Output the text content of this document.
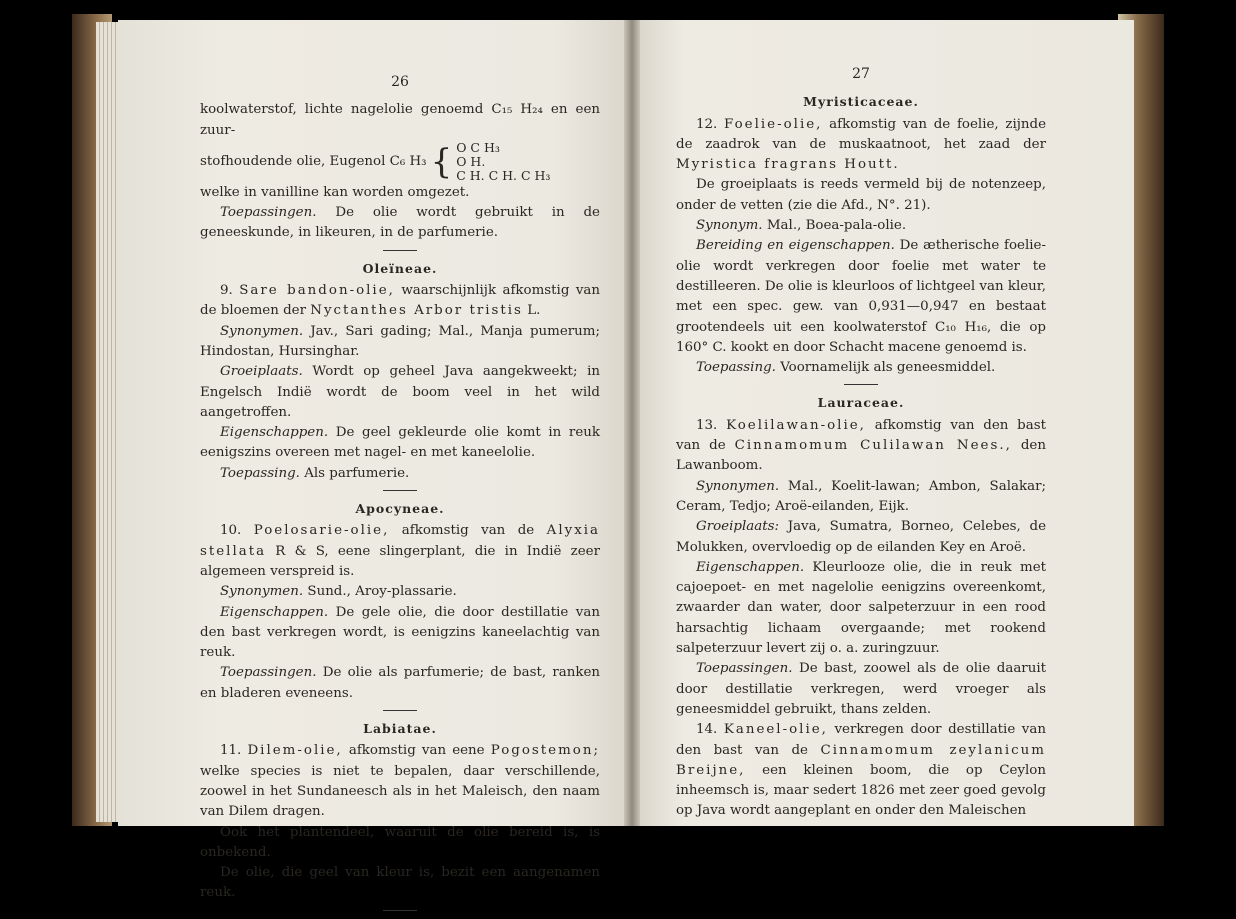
26

koolwaterstof, lichte nagelolie genoemd C₁₅ H₂₄ en een zuur-

stofhoudende olie, Eugenol C₆ H₃ { O C H₃
O H.
C H. C H. C H₃

welke in vanilline kan worden omgezet.

Toepassingen. De olie wordt gebruikt in de geneeskunde, in likeuren, in de parfumerie.

Oleïneae.

9. Sare bandon-olie, waarschijnlijk afkomstig van de bloemen der Nyctanthes Arbor tristis L.

Synonymen. Jav., Sari gading; Mal., Manja pumerum; Hindostan, Hursinghar.

Groeiplaats. Wordt op geheel Java aangekweekt; in Engelsch Indië wordt de boom veel in het wild aangetroffen.

Eigenschappen. De geel gekleurde olie komt in reuk eenigszins overeen met nagel- en met kaneelolie.

Toepassing. Als parfumerie.

Apocyneae.

10. Poelosarie-olie, afkomstig van de Alyxia stellata R & S, eene slingerplant, die in Indië zeer algemeen verspreid is.

Synonymen. Sund., Aroy-plassarie.

Eigenschappen. De gele olie, die door destillatie van den bast verkregen wordt, is eenigzins kaneelachtig van reuk.

Toepassingen. De olie als parfumerie; de bast, ranken en bladeren eveneens.

Labiatae.

11. Dilem-olie, afkomstig van eene Pogostemon; welke species is niet te bepalen, daar verschillende, zoowel in het Sundaneesch als in het Maleisch, den naam van Dilem dragen.

Ook het plantendeel, waaruit de olie bereid is, is onbekend.

De olie, die geel van kleur is, bezit een aangenamen reuk.

27
Myristicaceae.

12. Foelie-olie, afkomstig van de foelie, zijnde de zaadrok van de muskaatnoot, het zaad der Myristica fragrans Houtt.

De groeiplaats is reeds vermeld bij de notenzeep, onder de vetten (zie die Afd., N°. 21).

Synonym. Mal., Boea-pala-olie.

Bereiding en eigenschappen. De ætherische foelie-olie wordt verkregen door foelie met water te destilleeren. De olie is kleurloos of lichtgeel van kleur, met een spec. gew. van 0,931—0,947 en bestaat grootendeels uit een koolwaterstof C₁₀ H₁₆, die op 160° C. kookt en door Schacht macene genoemd is.

Toepassing. Voornamelijk als geneesmiddel.

Lauraceae.

13. Koelilawan-olie, afkomstig van den bast van de Cinnamomum Culilawan Nees., den Lawanboom.

Synonymen. Mal., Koelit-lawan; Ambon, Salakar; Ceram, Tedjo; Aroë-eilanden, Eijk.

Groeiplaats: Java, Sumatra, Borneo, Celebes, de Molukken, overvloedig op de eilanden Key en Aroë.

Eigenschappen. Kleurlooze olie, die in reuk met cajoepoet- en met nagelolie eenigzins overeenkomt, zwaarder dan water, door salpeterzuur in een rood harsachtig lichaam overgaande; met rookend salpeterzuur levert zij o. a. zuringzuur.

Toepassingen. De bast, zoowel als de olie daaruit door destillatie verkregen, werd vroeger als geneesmiddel gebruikt, thans zelden.

14. Kaneel-olie, verkregen door destillatie van den bast van de Cinnamomum zeylanicum Breijne, een kleinen boom, die op Ceylon inheemsch is, maar sedert 1826 met zeer goed gevolg op Java wordt aangeplant en onder den Maleischen
